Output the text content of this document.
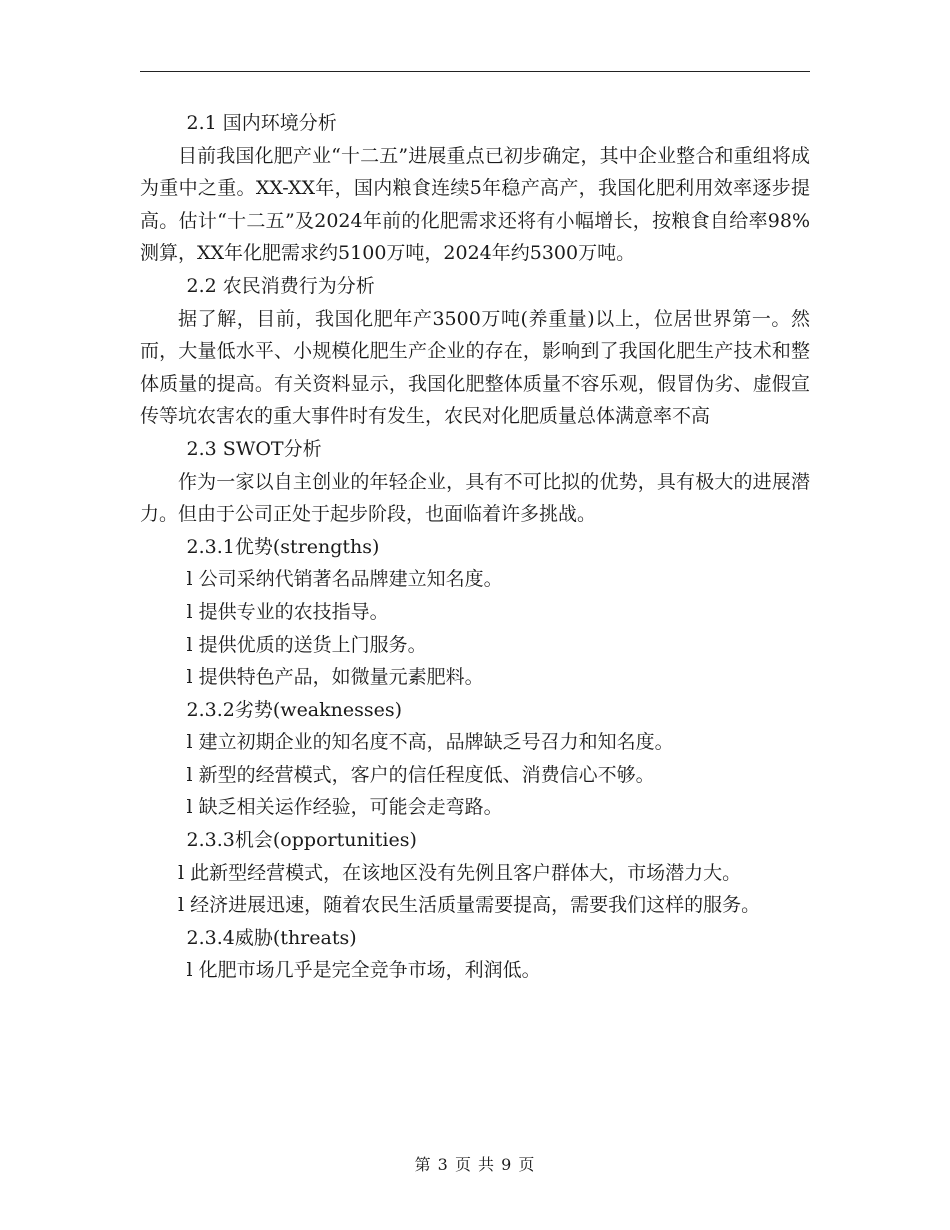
2.1 国内环境分析

目前我国化肥产业“十二五”进展重点已初步确定，其中企业整合和重组将成为重中之重。XX-XX年，国内粮食连续5年稳产高产，我国化肥利用效率逐步提高。估计“十二五”及2024年前的化肥需求还将有小幅增长，按粮食自给率98%测算，XX年化肥需求约5100万吨，2024年约5300万吨。

2.2 农民消费行为分析

据了解，目前，我国化肥年产3500万吨(养重量)以上，位居世界第一。然而，大量低水平、小规模化肥生产企业的存在，影响到了我国化肥生产技术和整体质量的提高。有关资料显示，我国化肥整体质量不容乐观，假冒伪劣、虚假宣传等坑农害农的重大事件时有发生，农民对化肥质量总体满意率不高

2.3 SWOT分析

作为一家以自主创业的年轻企业，具有不可比拟的优势，具有极大的进展潜力。但由于公司正处于起步阶段，也面临着许多挑战。

2.3.1优势(strengths)

l 公司采纳代销著名品牌建立知名度。

l 提供专业的农技指导。

l 提供优质的送货上门服务。

l 提供特色产品，如微量元素肥料。

2.3.2劣势(weaknesses)

l 建立初期企业的知名度不高，品牌缺乏号召力和知名度。

l 新型的经营模式，客户的信任程度低、消费信心不够。

l 缺乏相关运作经验，可能会走弯路。

2.3.3机会(opportunities)

l 此新型经营模式，在该地区没有先例且客户群体大，市场潜力大。

l 经济进展迅速，随着农民生活质量需要提高，需要我们这样的服务。

2.3.4威胁(threats)

l 化肥市场几乎是完全竞争市场，利润低。

第 3 页 共 9 页
